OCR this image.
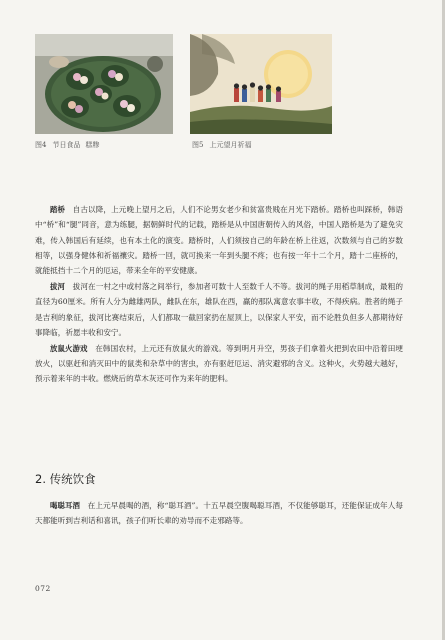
图4 节日食品 糕糁	图5 上元望月祈福

踏桥　 自古以降，上元晚上望月之后，人们不论男女老少和贫富贵贱在月光下踏桥。踏桥也叫踩桥，韩语中“桥”和“腿”同音，意为练腿，据朝鲜时代的记载，踏桥是从中国唐朝传入的风俗，中国人踏桥是为了避免灾难，传入韩国后有延续，也有本土化的演变。踏桥时，人们须按自己的年龄在桥上往返，次数须与自己的岁数相等，以强身健体和祈福禳灾。踏桥一回，就可换来一年到头腿不疼；也有按一年十二个月，踏十二座桥的，就能抵挡十二个月的厄运，带来全年的平安健康。

拔河　 拔河在一村之中或村落之间举行，参加者可数十人至数千人不等。拔河的绳子用稻草制成，最粗的直径为60厘米。所有人分为雌雄两队，雌队在东，雄队在西，赢的那队寓意农事丰收，不得疾病。胜者的绳子是吉利的象征，拔河比赛结束后，人们都取一截回家扔在屋顶上，以保家人平安，而不论胜负但多人都期待好事降临，祈愿丰收和安宁。

放鼠火游戏　 在韩国农村，上元还有放鼠火的游戏。等到明月升空，男孩子们拿着火把到农田中沿着田埂放火，以驱赶和消灭田中的鼠类和杂草中的害虫，亦有驱赶厄运、消灾避邪的含义。这种火，火势越大越好，预示着来年的丰收。燃烧后的草木灰还可作为来年的肥料。

2. 传统饮食

喝聪耳酒　 在上元早晨喝的酒，称“聪耳酒”。十五早晨空腹喝聪耳酒，不仅能够聪耳，还能保证成年人每天都能听到吉利话和喜讯，孩子们听长辈的劝导而不走邪路等。

072
